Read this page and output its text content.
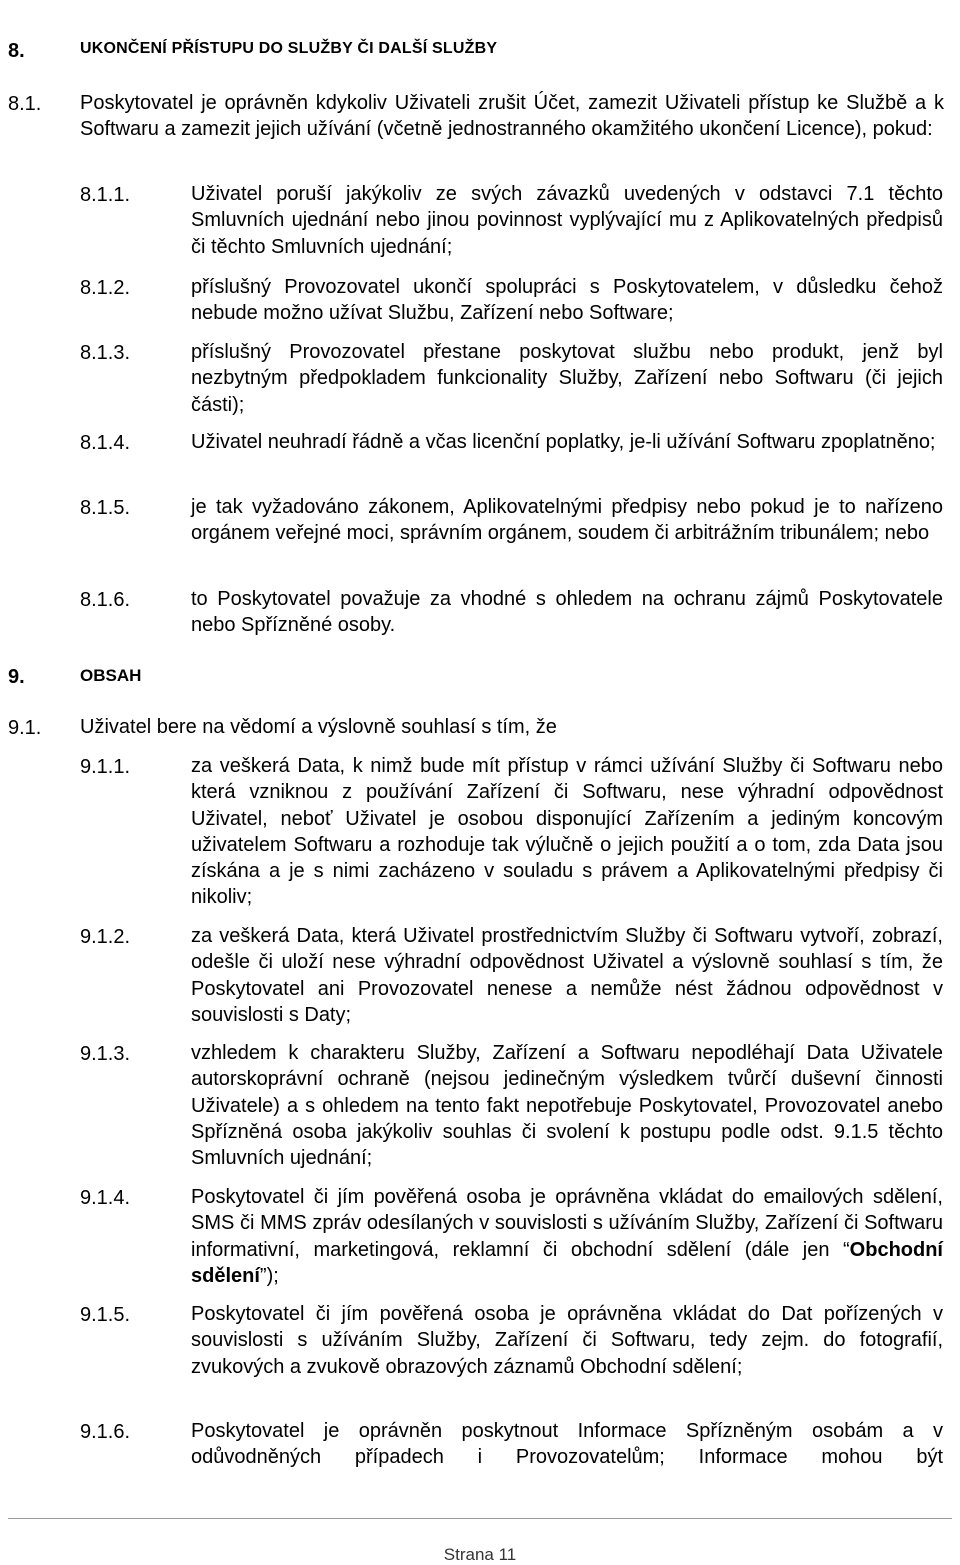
8.	UKONČENÍ PŘÍSTUPU DO SLUŽBY ČI DALŠÍ SLUŽBY
8.1. Poskytovatel je oprávněn kdykoliv Uživateli zrušit Účet, zamezit Uživateli přístup ke Službě a k Softwaru a zamezit jejich užívání (včetně jednostranného okamžitého ukončení Licence), pokud:
8.1.1.	Uživatel poruší jakýkoliv ze svých závazků uvedených v odstavci 7.1 těchto Smluvních ujednání nebo jinou povinnost vyplývající mu z Aplikovatelných předpisů či těchto Smluvních ujednání;
8.1.2.	příslušný Provozovatel ukončí spolupráci s Poskytovatelem, v důsledku čehož nebude možno užívat Službu, Zařízení nebo Software;
8.1.3.	příslušný Provozovatel přestane poskytovat službu nebo produkt, jenž byl nezbytným předpokladem funkcionality Služby, Zařízení nebo Softwaru (či jejich části);
8.1.4.	Uživatel neuhradí řádně a včas licenční poplatky, je-li užívání Softwaru zpoplatněno;
8.1.5.	je tak vyžadováno zákonem, Aplikovatelnými předpisy nebo pokud je to nařízeno orgánem veřejné moci, správním orgánem, soudem či arbitrážním tribunálem; nebo
8.1.6.	to Poskytovatel považuje za vhodné s ohledem na ochranu zájmů Poskytovatele nebo Spřízněné osoby.
9.	OBSAH
9.1. Uživatel bere na vědomí a výslovně souhlasí s tím, že
9.1.1.	za veškerá Data, k nimž bude mít přístup v rámci užívání Služby či Softwaru nebo která vzniknou z používání Zařízení či Softwaru, nese výhradní odpovědnost Uživatel, neboť Uživatel je osobou disponující Zařízením a jediným koncovým uživatelem Softwaru a rozhoduje tak výlučně o jejich použití a o tom, zda Data jsou získána a je s nimi zacházeno v souladu s právem a Aplikovatelnými předpisy či nikoliv;
9.1.2.	za veškerá Data, která Uživatel prostřednictvím Služby či Softwaru vytvoří, zobrazí, odešle či uloží nese výhradní odpovědnost Uživatel a výslovně souhlasí s tím, že Poskytovatel ani Provozovatel nenese a nemůže nést žádnou odpovědnost v souvislosti s Daty;
9.1.3.	vzhledem k charakteru Služby, Zařízení a Softwaru nepodléhají Data Uživatele autorskoprávní ochraně (nejsou jedinečným výsledkem tvůrčí duševní činnosti Uživatele) a s ohledem na tento fakt nepotřebuje Poskytovatel, Provozovatel anebo Spřízněná osoba jakýkoliv souhlas či svolení k postupu podle odst. 9.1.5 těchto Smluvních ujednání;
9.1.4.	Poskytovatel či jím pověřená osoba je oprávněna vkládat do emailových sdělení, SMS či MMS zpráv odesílaných v souvislosti s užíváním Služby, Zařízení či Softwaru informativní, marketingová, reklamní či obchodní sdělení (dále jen “Obchodní sdělení”);
9.1.5.	Poskytovatel či jím pověřená osoba je oprávněna vkládat do Dat pořízených v souvislosti s užíváním Služby, Zařízení či Softwaru, tedy zejm. do fotografií, zvukových a zvukově obrazových záznamů Obchodní sdělení;
9.1.6.	Poskytovatel je oprávněn poskytnout Informace Spřízněným osobám a v odůvodněných případech i Provozovatelům; Informace mohou být
Strana 11
